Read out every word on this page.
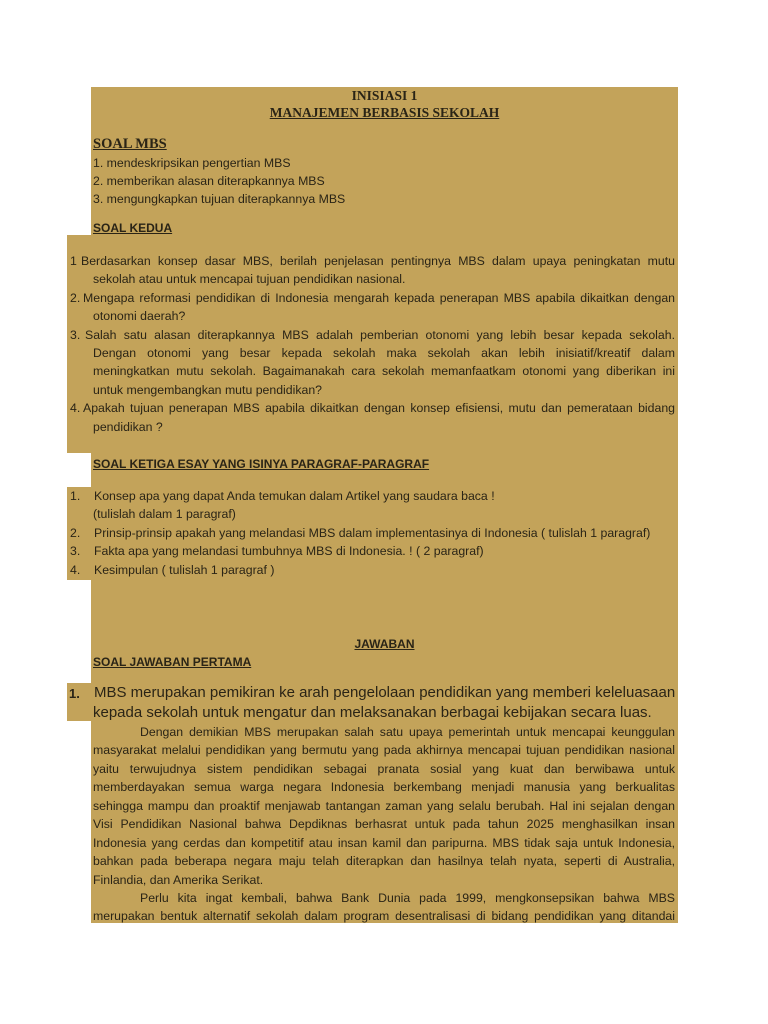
INISIASI 1
MANAJEMEN BERBASIS SEKOLAH
SOAL MBS
1. mendeskripsikan pengertian MBS
2. memberikan alasan diterapkannya MBS
3. mengungkapkan tujuan diterapkannya MBS
SOAL KEDUA
1 Berdasarkan konsep dasar MBS, berilah penjelasan pentingnya MBS dalam upaya peningkatan mutu
sekolah atau untuk mencapai tujuan pendidikan nasional.
2. Mengapa reformasi pendidikan di Indonesia mengarah kepada penerapan MBS apabila dikaitkan dengan
otonomi daerah?
3. Salah satu alasan diterapkannya MBS adalah pemberian otonomi yang lebih besar kepada sekolah.
Dengan otonomi yang besar kepada sekolah maka sekolah akan lebih inisiatif/kreatif dalam
meningkatkan mutu sekolah. Bagaimanakah cara sekolah memanfaatkam otonomi yang diberikan ini
untuk mengembangkan mutu pendidikan?
4. Apakah tujuan penerapan MBS apabila dikaitkan dengan konsep efisiensi, mutu dan pemerataan bidang
pendidikan ?
SOAL KETIGA ESAY YANG ISINYA PARAGRAF-PARAGRAF
1. Konsep apa yang dapat Anda temukan dalam Artikel yang saudara baca !
(tulislah dalam 1 paragraf)
2. Prinsip-prinsip apakah yang melandasi MBS dalam implementasinya di Indonesia ( tulislah 1 paragraf)
3. Fakta apa yang melandasi tumbuhnya MBS di Indonesia. ! ( 2 paragraf)
4. Kesimpulan ( tulislah 1 paragraf )
JAWABAN
SOAL JAWABAN PERTAMA
1. MBS merupakan pemikiran ke arah pengelolaan pendidikan yang memberi keleluasaan
kepada sekolah untuk mengatur dan melaksanakan berbagai kebijakan secara luas.
Dengan demikian MBS merupakan salah satu upaya pemerintah untuk mencapai keunggulan
masyarakat melalui pendidikan yang bermutu yang pada akhirnya mencapai tujuan pendidikan nasional
yaitu terwujudnya sistem pendidikan sebagai pranata sosial yang kuat dan berwibawa untuk
memberdayakan semua warga negara Indonesia berkembang menjadi manusia yang berkualitas
sehingga mampu dan proaktif menjawab tantangan zaman yang selalu berubah. Hal ini sejalan dengan
Visi Pendidikan Nasional bahwa Depdiknas berhasrat untuk pada tahun 2025 menghasilkan insan
Indonesia yang cerdas dan kompetitif atau insan kamil dan paripurna. MBS tidak saja untuk Indonesia,
bahkan pada beberapa negara maju telah diterapkan dan hasilnya telah nyata, seperti di Australia,
Finlandia, dan Amerika Serikat.
Perlu kita ingat kembali, bahwa Bank Dunia pada 1999, mengkonsepsikan bahwa MBS
merupakan bentuk alternatif sekolah dalam program desentralisasi di bidang pendidikan yang ditandai
